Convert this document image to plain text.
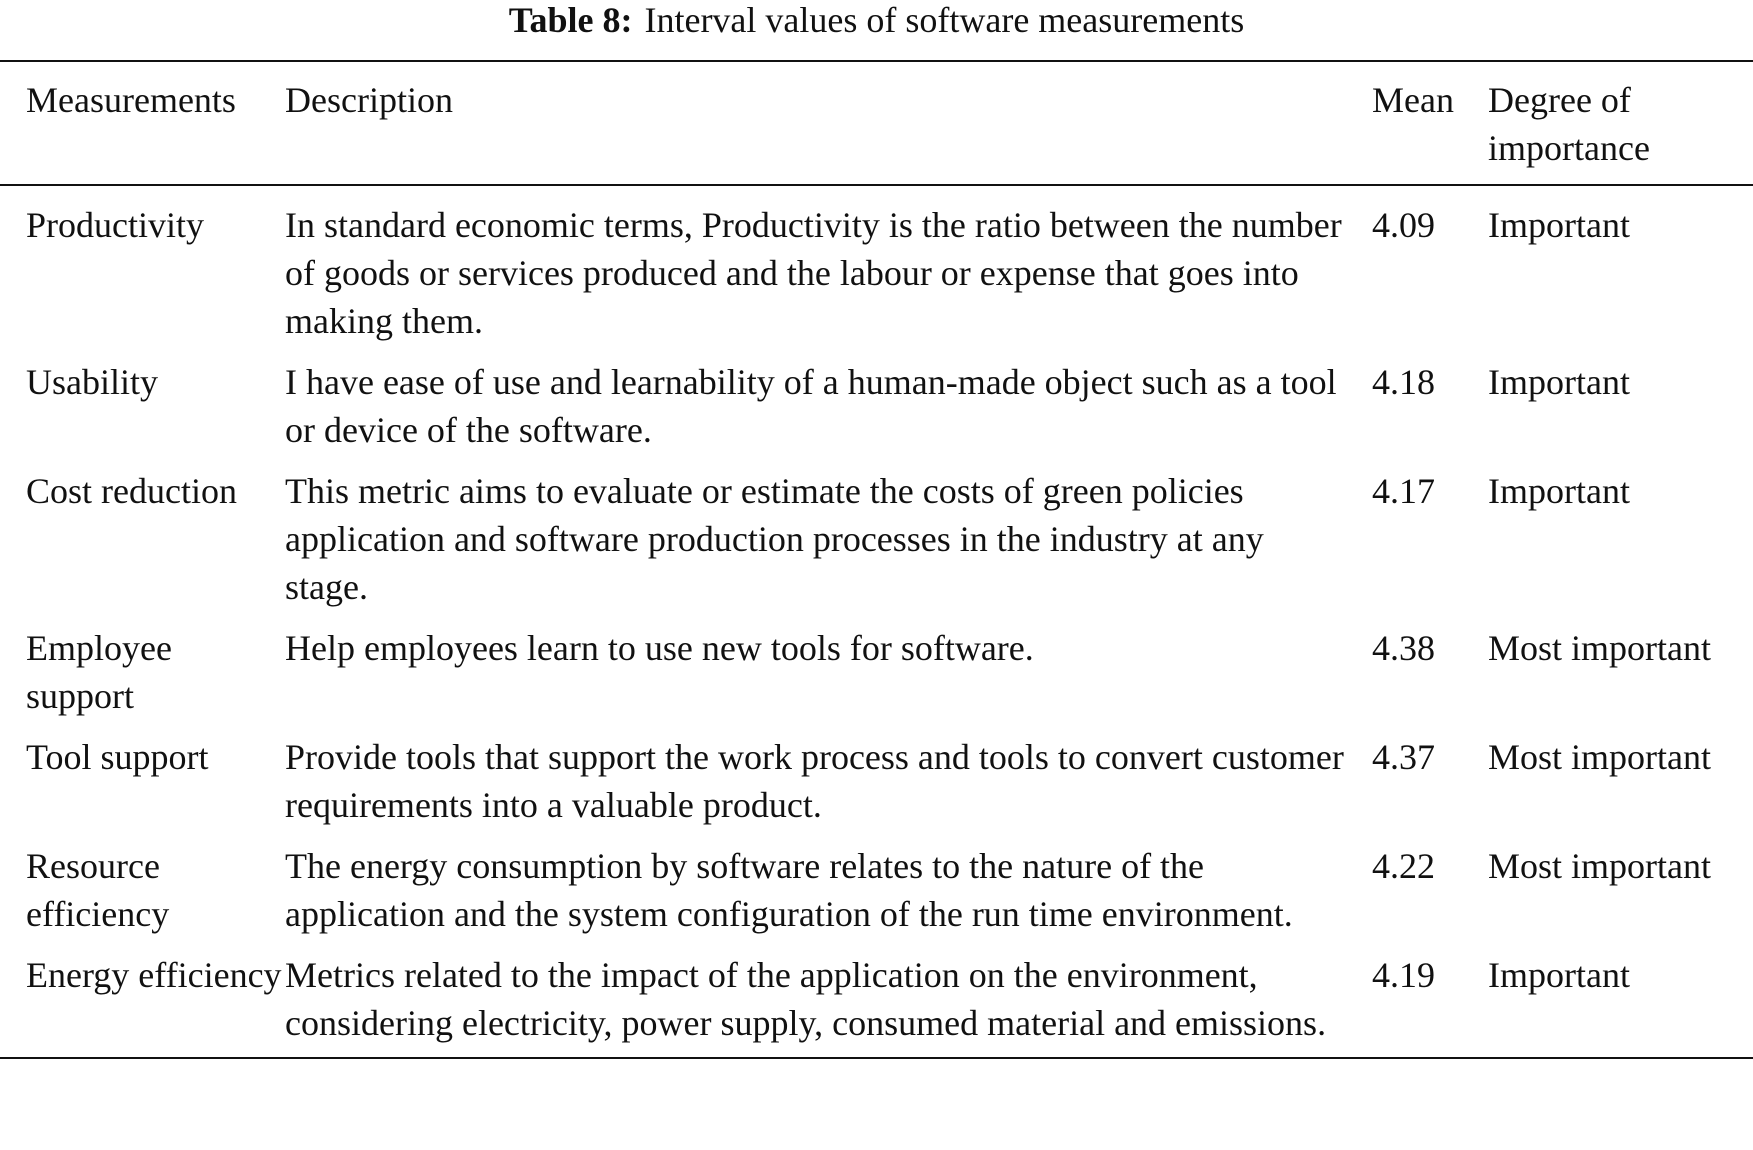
Table 8: Interval values of software measurements
Measurements	Description	Mean	Degree of importance
Productivity	In standard economic terms, Productivity is the ratio between the number of goods or services produced and the labour or expense that goes into making them.	4.09	Important
Usability	I have ease of use and learnability of a human-made object such as a tool or device of the software.	4.18	Important
Cost reduction	This metric aims to evaluate or estimate the costs of green policies application and software production processes in the industry at any stage.	4.17	Important
Employee support	Help employees learn to use new tools for software.	4.38	Most important
Tool support	Provide tools that support the work process and tools to convert customer requirements into a valuable product.	4.37	Most important
Resource efficiency	The energy consumption by software relates to the nature of the application and the system configuration of the run time environment.	4.22	Most important
Energy efficiency	Metrics related to the impact of the application on the environment, considering electricity, power supply, consumed material and emissions.	4.19	Important
